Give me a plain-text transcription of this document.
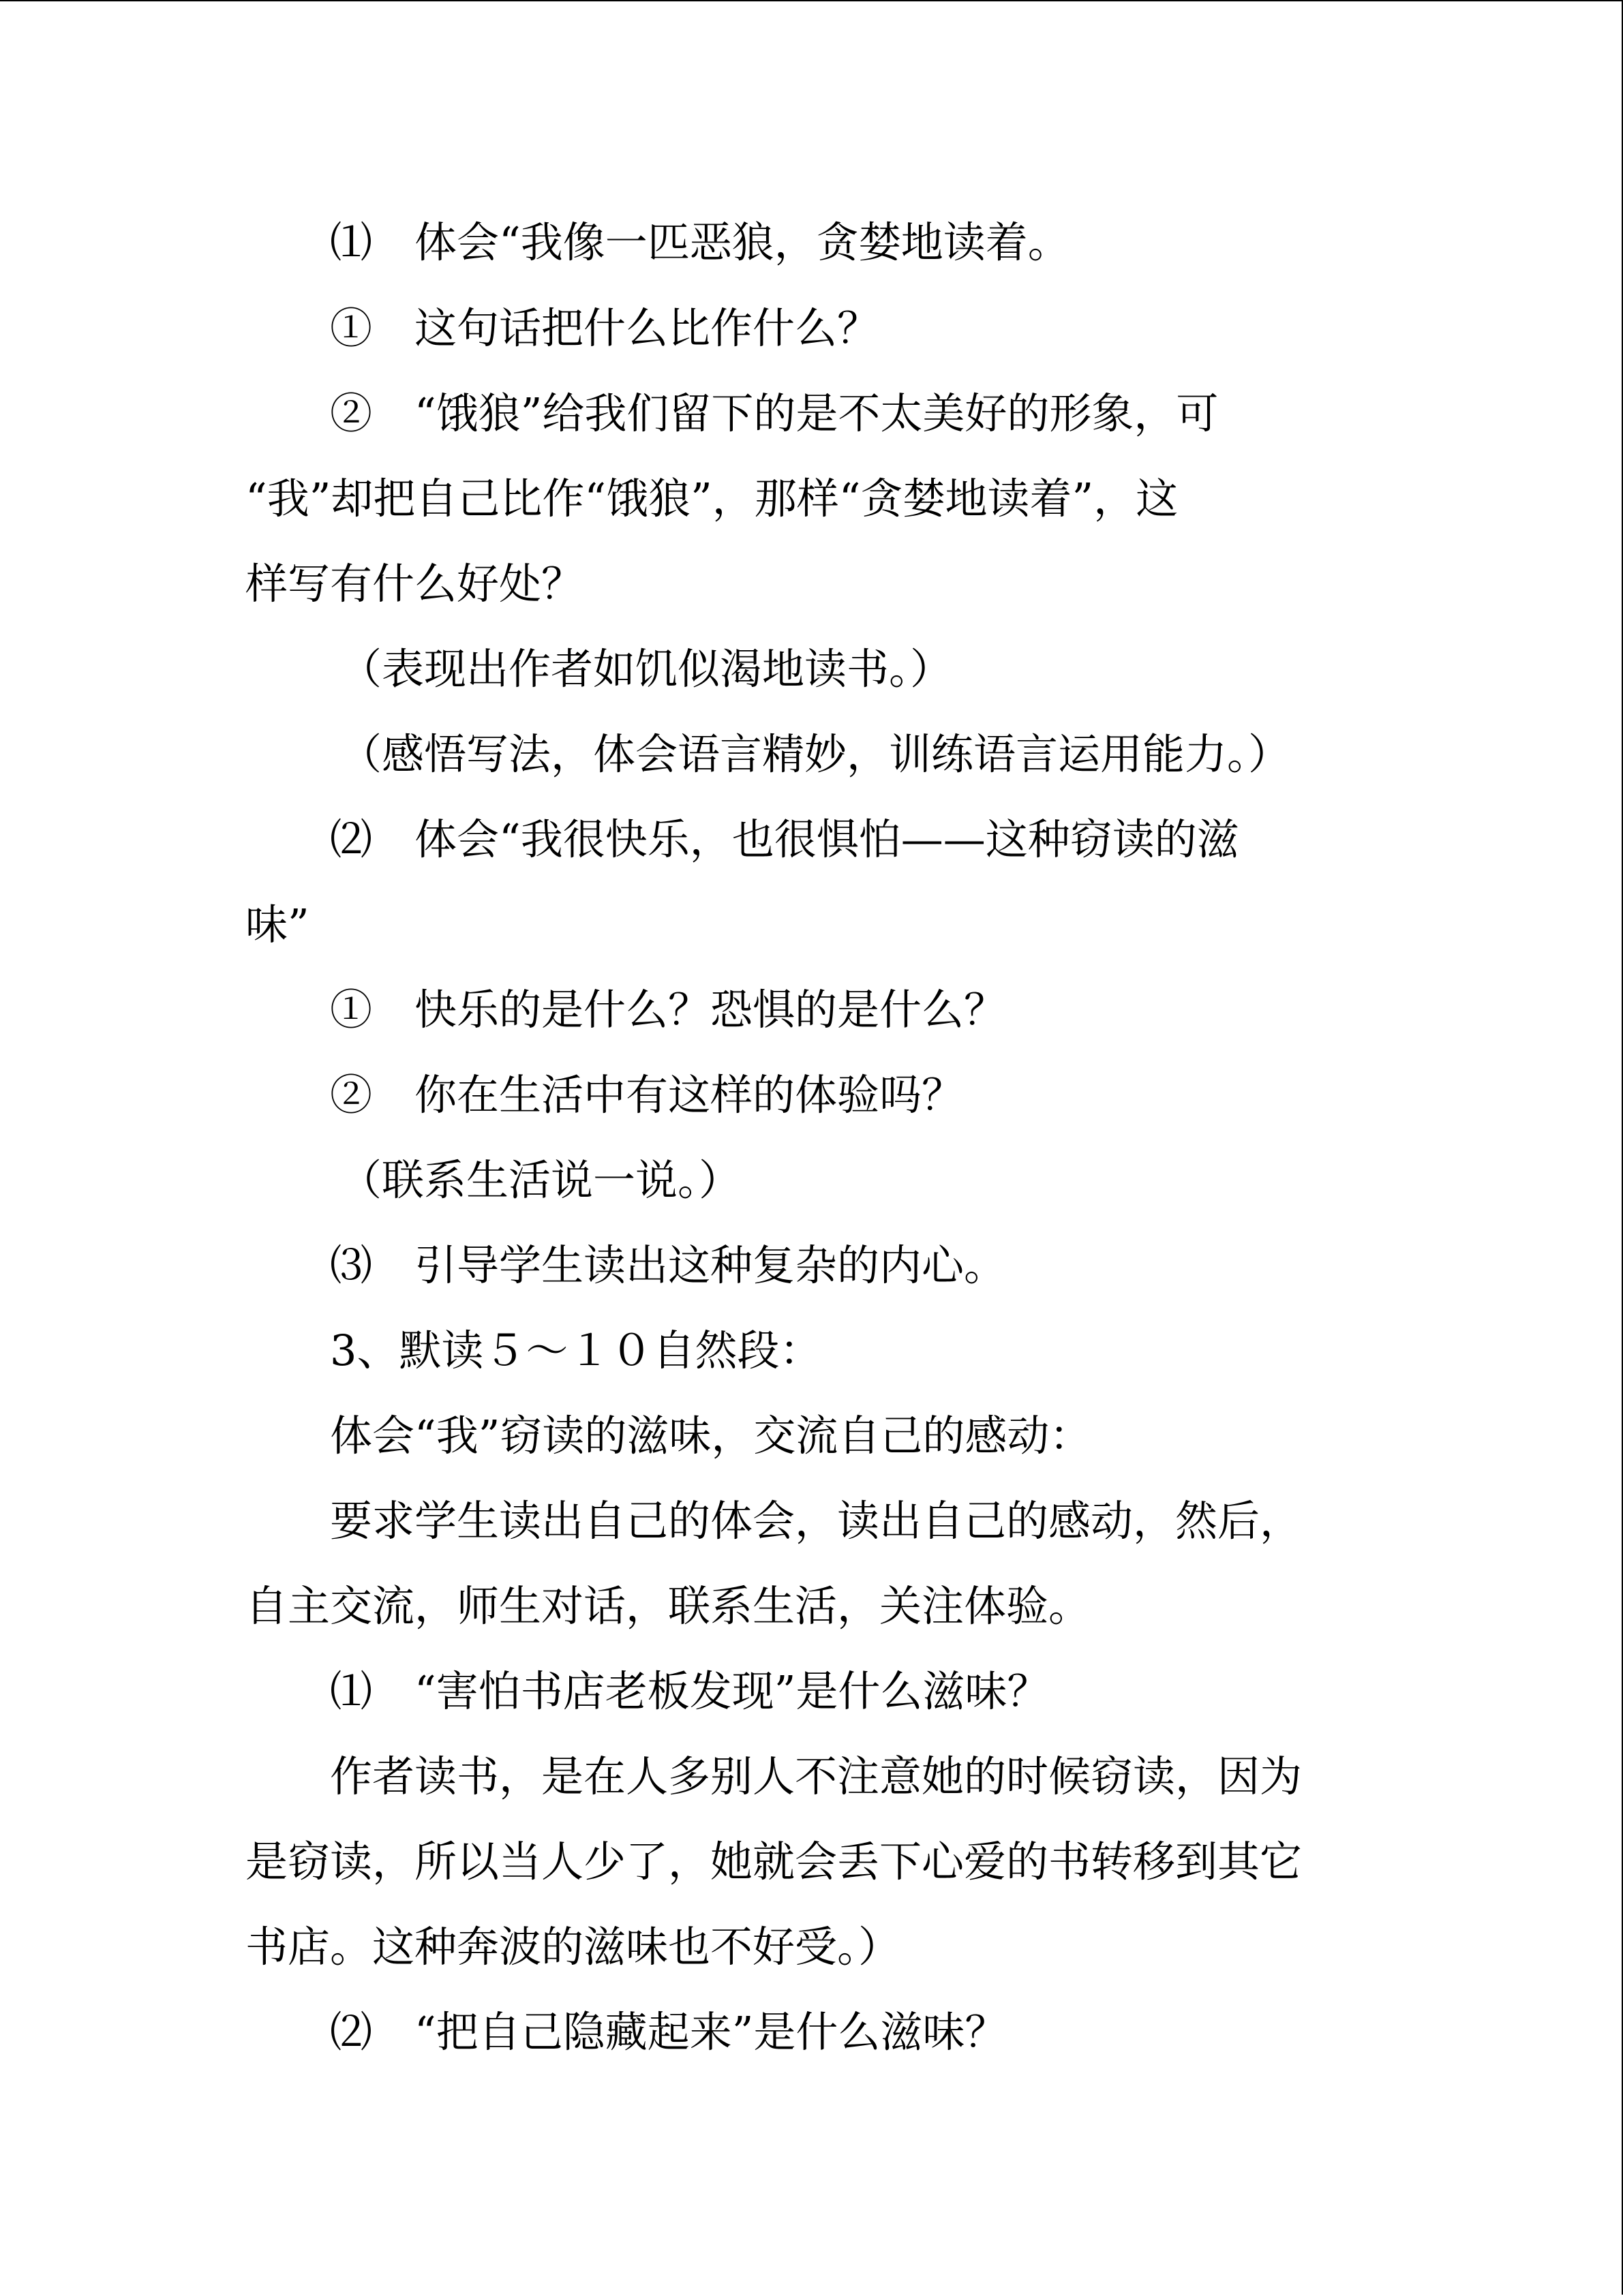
⑴　体会“我像一匹恶狼，贪婪地读着。
①　这句话把什么比作什么？
②　“饿狼”给我们留下的是不太美好的形象，可
“我”却把自己比作“饿狼”，那样“贪婪地读着”，这
样写有什么好处？
（表现出作者如饥似渴地读书。）
（感悟写法，体会语言精妙，训练语言运用能力。）
⑵　体会“我很快乐，也很惧怕——这种窃读的滋
味”
①　快乐的是什么？恐惧的是什么？
②　你在生活中有这样的体验吗？
（联系生活说一说。）
⑶　引导学生读出这种复杂的内心。
3、默读５～１０自然段：
体会“我”窃读的滋味，交流自己的感动：
要求学生读出自己的体会，读出自己的感动，然后，
自主交流，师生对话，联系生活，关注体验。
⑴　“害怕书店老板发现”是什么滋味？
作者读书，是在人多别人不注意她的时候窃读，因为
是窃读，所以当人少了，她就会丢下心爱的书转移到其它
书店。这种奔波的滋味也不好受。）
⑵　“把自己隐藏起来”是什么滋味？
